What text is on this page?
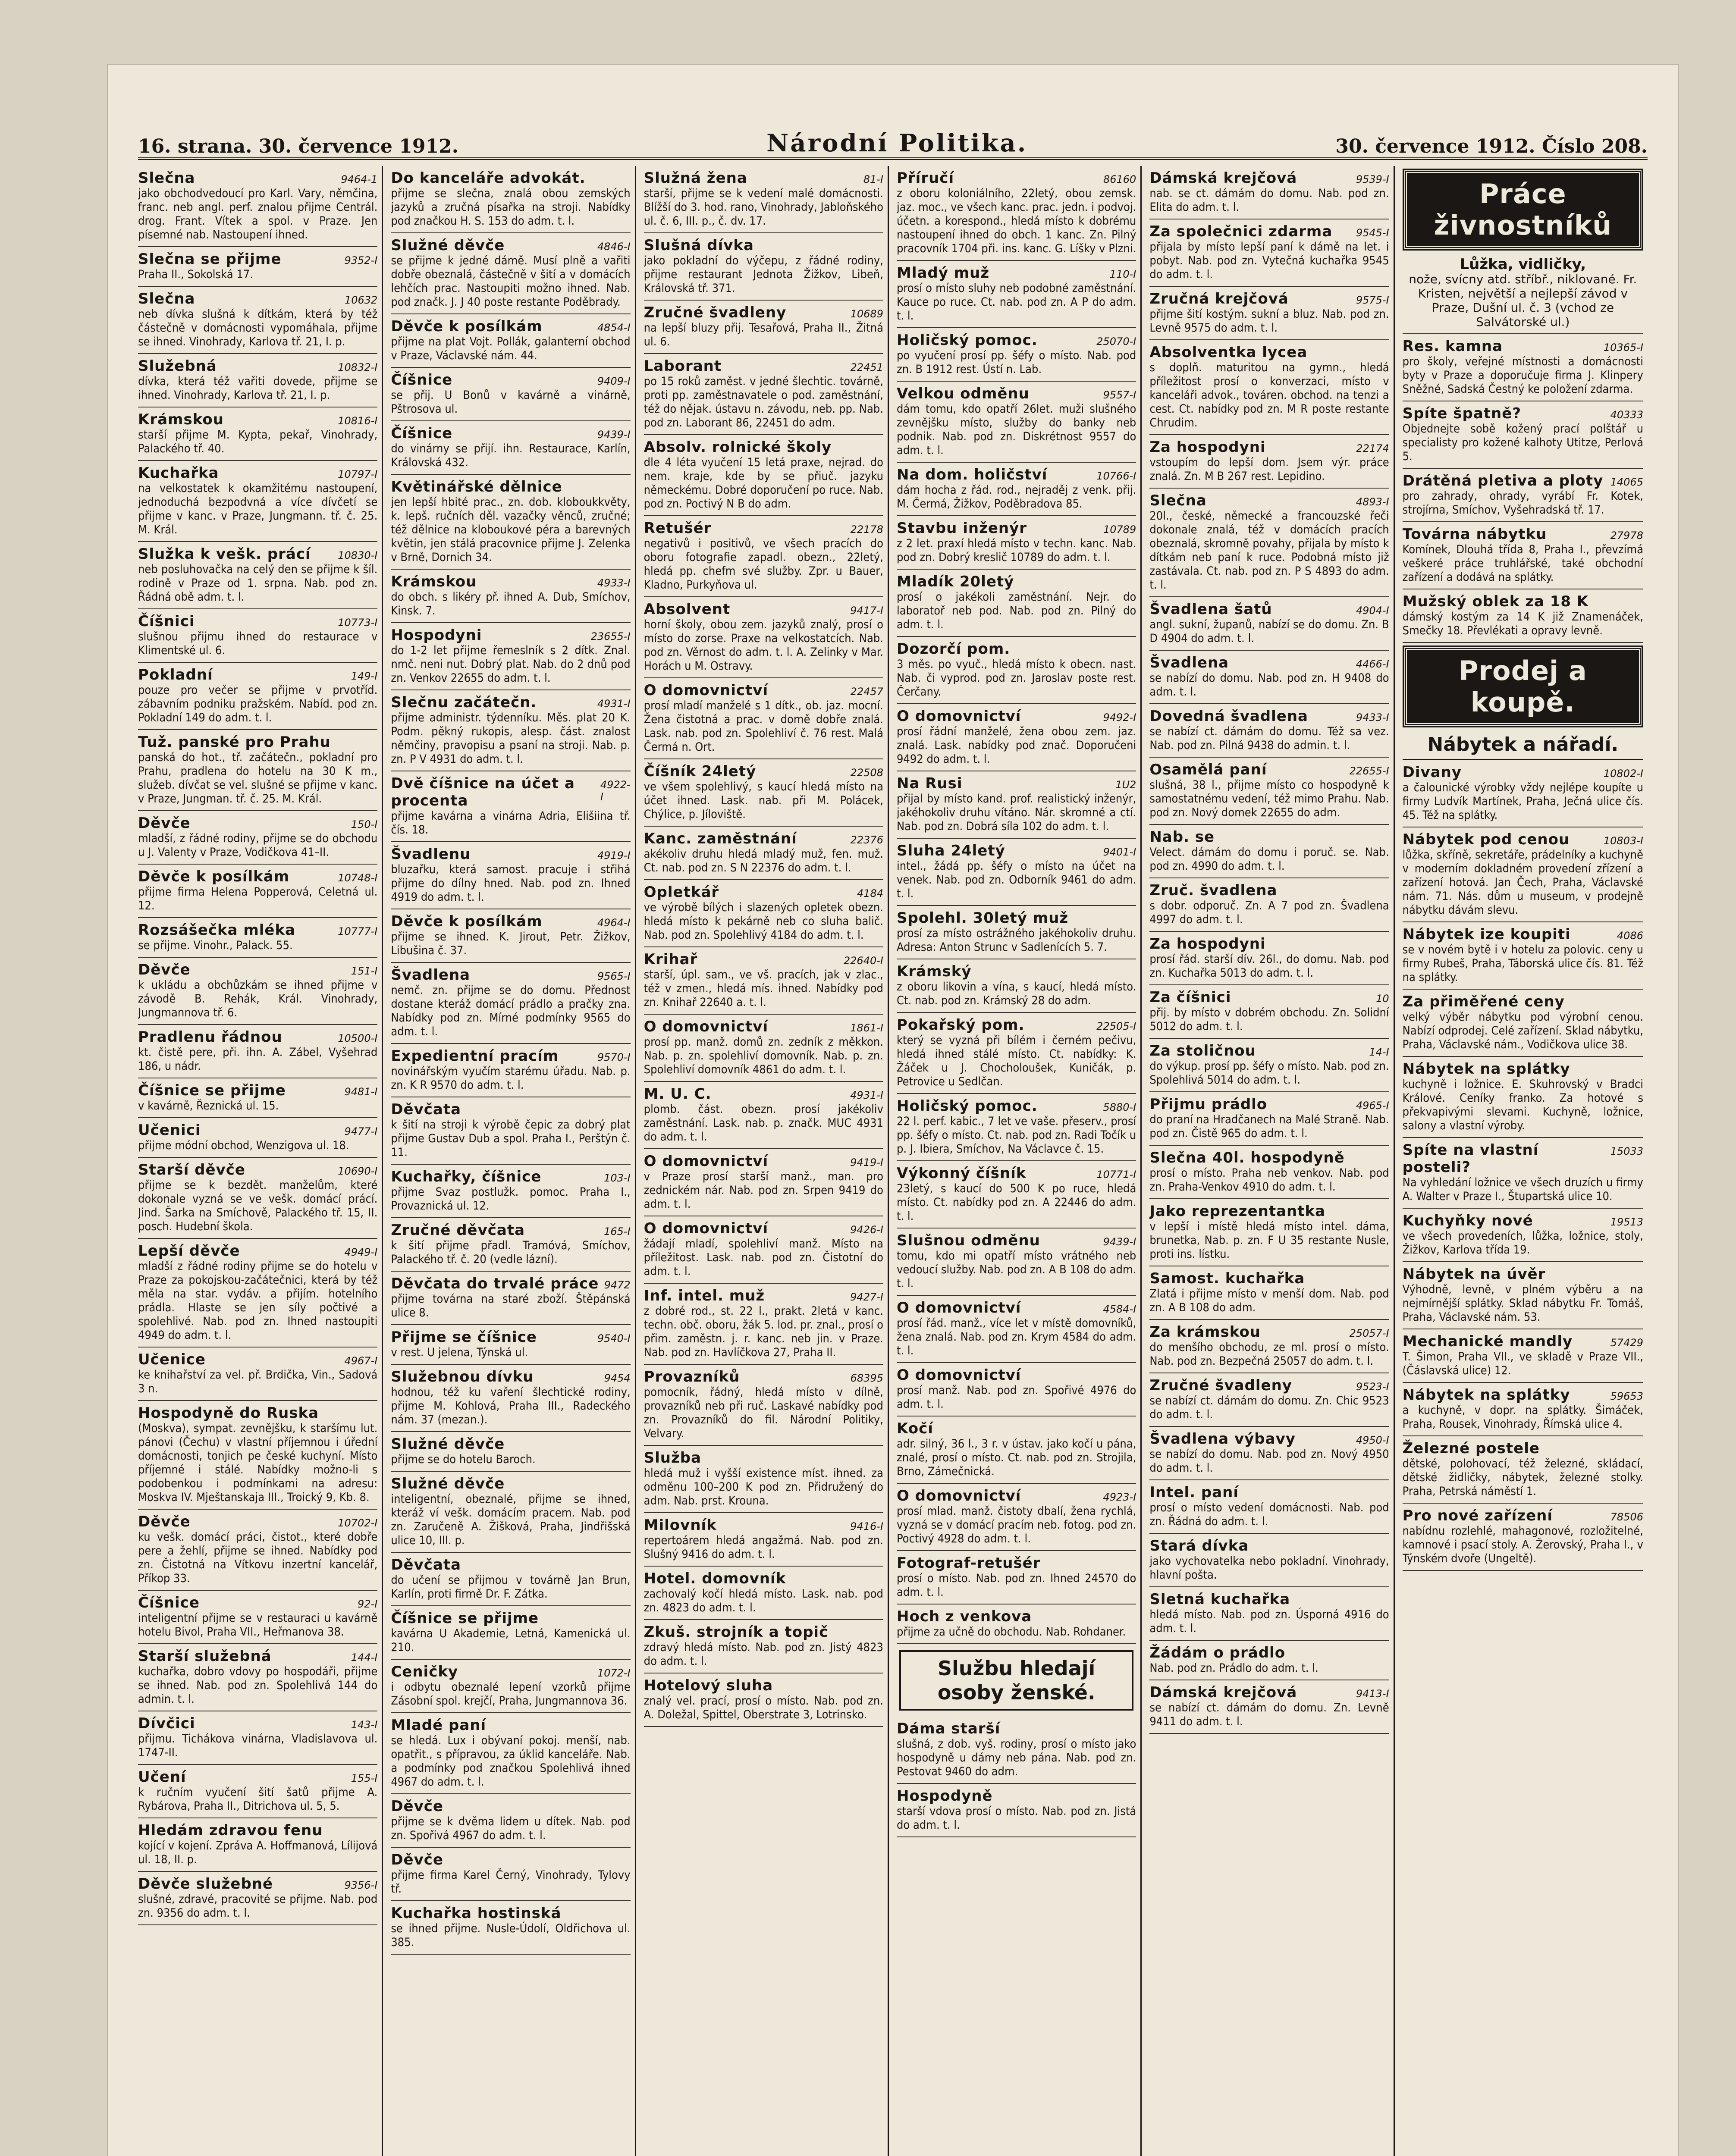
16. strana. 30. července 1912.	Národní Politika.	30. července 1912. Číslo 208.
Slečna	9464-1
jako obchodvedoucí pro Karl. Vary, němčina, franc. neb angl. perf. znalou přijme Centrál. drog. Frant. Vítek a spol. v Praze. Jen písemné nab. Nastoupení ihned.
Slečna se přijme	9352-I
Praha II., Sokolská 17.
Slečna	10632
neb dívka slušná k dítkám, která by též částečně v domácnosti vypomáhala, přijme se ihned. Vinohrady, Karlova tř. 21, I. p.
Služebná	10832-I
dívka, která též vařiti dovede, přijme se ihned. Vinohrady, Karlova tř. 21, I. p.
Krámskou	10816-I
starší přijme M. Kypta, pekař, Vinohrady, Palackého tř. 40.
Kuchařka	10797-I
na velkostatek k okamžitému nastoupení, jednoduchá bezpodvná a více dívčetí se přijme v kanc. v Praze, Jungmann. tř. č. 25. M. Král.
Služka k vešk. prácí	10830-I
neb posluhovačka na celý den se přijme k šíl. rodině v Praze od 1. srpna. Nab. pod zn. Řádná obě adm. t. l.
Číšnici	10773-I
slušnou přijmu ihned do restaurace v Klimentské ul. 6.
Pokladní	149-I
pouze pro večer se přijme v prvotříd. zábavním podniku pražském. Nabíd. pod zn. Pokladní 149 do adm. t. l.
Tuž. panské pro Prahu
panská do hot., tř. začátečn., pokladní pro Prahu, pradlena do hotelu na 30 K m., služeb. dívčat se vel. slušné se přijme v kanc. v Praze, Jungman. tř. č. 25. M. Král.
Děvče	150-I
mladší, z řádné rodiny, přijme se do obchodu u J. Valenty v Praze, Vodičkova 41–II.
Děvče k posílkám	10748-I
přijme firma Helena Popperová, Celetná ul. 12.
Rozsášečka mléka	10777-I
se přijme. Vinohr., Palack. 55.
Děvče	151-I
k ukládu a obchůzkám se ihned přijme v závodě B. Rehák, Král. Vinohrady, Jungmannova tř. 6.
Pradlenu řádnou	10500-I
kt. čistě pere, při. ihn. A. Zábel, Vyšehrad 186, u nádr.
Číšnice se přijme	9481-I
v kavárně, Řeznická ul. 15.
Učenici	9477-I
přijme módní obchod, Wenzigova ul. 18.
Starší děvče	10690-I
přijme se k bezdět. manželům, které dokonale vyzná se ve vešk. domácí prácí. Jind. Šarka na Smíchově, Palackého tř. 15, II. posch. Hudební škola.
Lepší děvče	4949-I
mladší z řádné rodiny přijme se do hotelu v Praze za pokojskou-začátečnici, která by též měla na star. vydáv. a přijím. hotelního prádla. Hlaste se jen síly počtivé a spolehlivé. Nab. pod zn. Ihned nastoupiti 4949 do adm. t. l.
Učenice	4967-I
ke knihařství za vel. př. Brdička, Vin., Sadová 3 n.
Hospodyně do Ruska
(Moskva), sympat. zevnějšku, k staršímu lut. pánovi (Čechu) v vlastní příjemnou i úřední domácnosti, tonjich pe české kuchyní. Místo příjemné i stálé. Nabídky možno-li s podobenkou i podmínkami na adresu: Moskva IV. Mještanskaja III., Troický 9, Kb. 8.
Děvče	10702-I
ku vešk. domácí práci, čistot., které dobře pere a žehlí, přijme se ihned. Nabídky pod zn. Čistotná na Vítkovu inzertní kancelář, Příkop 33.
Číšnice	92-I
inteligentní přijme se v restauraci u kavárně hotelu Bivol, Praha VII., Heřmanova 38.
Starší služebná	144-I
kuchařka, dobro vdovy po hospodáři, přijme se ihned. Nab. pod zn. Spolehlivá 144 do admin. t. l.
Dívčici	143-I
přijmu. Tichákova vinárna, Vladislavova ul. 1747-II.
Učení	155-I
k ručním vyučení šití šatů přijme A. Rybárova, Praha II., Ditrichova ul. 5, 5.
Hledám zdravou fenu
kojící v kojení. Zpráva A. Hoffmanová, Lílijová ul. 18, II. p.
Děvče služebné	9356-I
slušné, zdravé, pracovité se přijme. Nab. pod zn. 9356 do adm. t. l.
Do kanceláře advokát.
přijme se slečna, znalá obou zemských jazyků a zručná písařka na stroji. Nabídky pod značkou H. S. 153 do adm. t. l.
Služné děvče	4846-I
se přijme k jedné dámě. Musí plně a vařiti dobře obeznalá, částečně v šití a v domácích lehčích prac. Nastoupiti možno ihned. Nab. pod značk. J. J 40 poste restante Poděbrady.
Děvče k posílkám	4854-I
přijme na plat Vojt. Pollák, galanterní obchod v Praze, Václavské nám. 44.
Číšnice	9409-I
se přij. U Bonů v kavárně a vinárně, Pštrosova ul.
Číšnice	9439-I
do vinárny se přijí. ihn. Restaurace, Karlín, Královská 432.
Květinářské dělnice
jen lepší hbité prac., zn. dob. kloboukkvěty, k. lepš. ručních děl. vazačky věnců, zručné; též dělnice na kloboukové péra a barevných květin, jen stálá pracovnice přijme J. Zelenka v Brně, Dornich 34.
Krámskou	4933-I
do obch. s likéry př. ihned A. Dub, Smíchov, Kinsk. 7.
Hospodyni	23655-I
do 1-2 let přijme řemeslník s 2 dítk. Znal. nmč. neni nut. Dobrý plat. Nab. do 2 dnů pod zn. Venkov 22655 do adm. t. l.
Slečnu začátečn.	4931-I
přijme administr. týdenníku. Měs. plat 20 K. Podm. pěkný rukopis, alesp. část. znalost němčiny, pravopisu a psaní na stroji. Nab. p. zn. P V 4931 do adm. t. l.
Dvě číšnice na účet a procenta
4922-I
přijme kavárna a vinárna Adria, Elišiina tř. čís. 18.
Švadlenu	4919-I
bluzařku, která samost. pracuje i střihá přijme do dílny hned. Nab. pod zn. Ihned 4919 do adm. t. l.
Děvče k posílkám	4964-I
přijme se ihned. K. Jirout, Petr. Žižkov, Libušina č. 37.
Švadlena	9565-I
nemč. zn. přijme se do domu. Přednost dostane kteráž domácí prádlo a pračky zna. Nabídky pod zn. Mírné podmínky 9565 do adm. t. l.
Expedientní pracím	9570-I
novinářským vyučím starému úřadu. Nab. p. zn. K R 9570 do adm. t. l.
Děvčata
k šití na stroji k výrobě čepic za dobrý plat přijme Gustav Dub a spol. Praha I., Perštýn č. 11.
Kuchařky, číšnice	103-I
přijme Svaz postlužk. pomoc. Praha I., Provaznická ul. 12.
Zručné děvčata	165-I
k šití přijme přadl. Tramóvá, Smíchov, Palackého tř. č. 20 (vedle lázní).
Děvčata do trvalé práce 9472
přijme továrna na staré zboží. Štěpánská ulice 8.
Přijme se číšnice	9540-I
v rest. U jelena, Týnská ul.
Služebnou dívku	9454
hodnou, též ku vaření šlechtické rodiny, přijme M. Kohlová, Praha III., Radeckého nám. 37 (mezan.).
Služné děvče
přijme se do hotelu Baroch.
Služné děvče
inteligentní, obeznalé, přijme se ihned, kteráž ví vešk. domácím pracem. Nab. pod zn. Zaručeně A. Žišková, Praha, Jindřišská ulice 10, III. p.
Děvčata
do učení se přijmou v továrně Jan Brun, Karlín, proti firmě Dr. F. Zátka.
Číšnice se přijme
kavárna U Akademie, Letná, Kamenická ul. 210.
Ceničky	1072-I
i odbytu obeznalé lepení vzorků přijme Zásobní spol. krejčí, Praha, Jungmannova 36.
Mladé paní
se hledá. Lux i obývaní pokoj. menší, nab. opatřit., s přípravou, za úklid kanceláře. Nab. a podmínky pod značkou Spolehlivá ihned 4967 do adm. t. l.
Děvče
přijme se k dvěma lidem u dítek. Nab. pod zn. Spořivá 4967 do adm. t. l.
Děvče
přijme firma Karel Černý, Vinohrady, Tylovy tř.
Kuchařka hostinská
se ihned přijme. Nusle-Údolí, Oldřichova ul. 385.
Služná žena	81-I
starší, přijme se k vedení malé domácnosti. Blížší do 3. hod. rano, Vinohrady, Jabloňského ul. č. 6, III. p., č. dv. 17.
Slušná dívka
jako pokladní do výčepu, z řádné rodiny, přijme restaurant Jednota Žižkov, Libeň, Královská tř. 371.
Zručné švadleny	10689
na lepší bluzy přij. Tesařová, Praha II., Žitná ul. 6.
Laborant	22451
po 15 roků zaměst. v jedné šlechtic. továrně, proti pp. zaměstnavatele o pod. zaměstnání, též do nějak. ústavu n. závodu, neb. pp. Nab. pod zn. Laborant 86, 22451 do adm.
Absolv. rolnické školy
dle 4 léta vyučení 15 letá praxe, nejrad. do nem. kraje, kde by se přiuč. jazyku německému. Dobré doporučení po ruce. Nab. pod zn. Poctivý N B do adm.
Retušér	22178
negativů i positivů, ve všech pracích do oboru fotografie zapadl. obezn., 22letý, hledá pp. chefm své služby. Zpr. u Bauer, Kladno, Purkyňova ul.
Absolvent	9417-I
horní školy, obou zem. jazyků znalý, prosí o místo do zorse. Praxe na velkostatcích. Nab. pod zn. Věrnost do adm. t. l. A. Zelinky v Mar. Horách u M. Ostravy.
O domovnictví	22457
prosí mladí manželé s 1 dítk., ob. jaz. mocní. Žena čistotná a prac. v domě dobře znalá. Lask. nab. pod zn. Spolehliví č. 76 rest. Malá Čermá n. Ort.
Číšník 24letý	22508
ve všem spolehlivý, s kaucí hledá místo na účet ihned. Lask. nab. při M. Polácek, Chýlice, p. Jíloviště.
Kanc. zaměstnání	22376
akékoliv druhu hledá mladý muž, fen. muž. Ct. nab. pod zn. S N 22376 do adm. t. l.
Opletkář	4184
ve výrobě bílých i slazených opletek obezn. hledá místo k pekárně neb co sluha balič. Nab. pod zn. Spolehlivý 4184 do adm. t. l.
Krihař	22640-I
starší, úpl. sam., ve vš. pracích, jak v zlac., též v zmen., hledá mís. ihned. Nabídky pod zn. Knihař 22640 a. t. l.
O domovnictví	1861-I
prosí pp. manž. domů zn. zedník z měkkon. Nab. p. zn. spolehliví domovník. Nab. p. zn. Spolehliví domovník 4861 do adm. t. l.
M. U. C.	4931-I
plomb. část. obezn. prosí jakékoliv zaměstnání. Lask. nab. p. značk. MUC 4931 do adm. t. l.
O domovnictví	9419-I
v Praze prosí starší manž., man. pro zednickém nár. Nab. pod zn. Srpen 9419 do adm. t. l.
O domovnictví	9426-I
žádají mladí, spolehliví manž. Místo na příležitost. Lask. nab. pod zn. Čistotní do adm. t. l.
Inf. intel. muž	9427-I
z dobré rod., st. 22 l., prakt. 2letá v kanc. techn. obč. oboru, žák 5. lod. pr. znal., prosí o přim. zaměstn. j. r. kanc. neb jin. v Praze. Nab. pod zn. Havlíčkova 27, Praha II.
Provazníků	68395
pomocník, řádný, hledá místo v dílně, provazníků neb při ruč. Laskavé nabídky pod zn. Provazníků do fil. Národní Politiky, Velvary.
Služba
hledá muž i vyšší existence míst. ihned. za odměnu 100–200 K pod zn. Přidružený do adm. Nab. prst. Krouna.
Milovník	9416-I
repertoárem hledá angažmá. Nab. pod zn. Slušný 9416 do adm. t. l.
Hotel. domovník
zachovalý kočí hledá místo. Lask. nab. pod zn. 4823 do adm. t. l.
Zkuš. strojník a topič
zdravý hledá místo. Nab. pod zn. Jistý 4823 do adm. t. l.
Hotelový sluha
znalý vel. prací, prosí o místo. Nab. pod zn. A. Doležal, Spittel, Oberstrate 3, Lotrinsko.
Příručí	86160
z oboru koloniálního, 22letý, obou zemsk. jaz. moc., ve všech kanc. prac. jedn. i podvoj. účetn. a korespond., hledá místo k dobrému nastoupení ihned do obch. 1 kanc. Zn. Pilný pracovník 1704 při. ins. kanc. G. Líšky v Plzni.
Mladý muž	110-I
prosí o místo sluhy neb podobné zaměstnání. Kauce po ruce. Ct. nab. pod zn. A P do adm. t. l.
Holičský pomoc.	25070-I
po vyučení prosí pp. šéfy o místo. Nab. pod zn. B 1912 rest. Ústí n. Lab.
Velkou odměnu	9557-I
dám tomu, kdo opatří 26let. muži slušného zevnějšku místo, služby do banky neb podnik. Nab. pod zn. Diskrétnost 9557 do adm. t. l.
Na dom. holičství	10766-I
dám hocha z řád. rod., nejraděj z venk. přij. M. Čermá, Žižkov, Poděbradova 85.
Stavbu inženýr	10789
z 2 let. praxí hledá místo v techn. kanc. Nab. pod zn. Dobrý kreslič 10789 do adm. t. l.
Mladík 20letý
prosí o jakékoli zaměstnání. Nejr. do laboratoř neb pod. Nab. pod zn. Pilný do adm. t. l.
Dozorčí pom.
3 měs. po vyuč., hledá místo k obecn. nast. Nab. či vyprod. pod zn. Jaroslav poste rest. Čerčany.
O domovnictví	9492-I
prosí řádní manželé, žena obou zem. jaz. znalá. Lask. nabídky pod znač. Doporučeni 9492 do adm. t. l.
Na Rusi	1U2
přijal by místo kand. prof. realistický inženýr, jakéhokoliv druhu vítáno. Nár. skromné a ctí. Nab. pod zn. Dobrá síla 102 do adm. t. l.
Sluha 24letý	9401-I
intel., žádá pp. šéfy o místo na účet na venek. Nab. pod zn. Odborník 9461 do adm. t. l.
Spolehl. 30letý muž
prosí za místo ostrážného jakéhokoliv druhu. Adresa: Anton Strunc v Sadlenících 5. 7.
Krámský
z oboru likovin a vína, s kaucí, hledá místo. Ct. nab. pod zn. Krámský 28 do adm.
Pokařský pom.	22505-I
který se vyzná při bílém i černém pečivu, hledá ihned stálé místo. Ct. nabídky: K. Žáček u J. Chocholoušek, Kuničák, p. Petrovice u Sedlčan.
Holičský pomoc.	5880-I
22 l. perf. kabic., 7 let ve vaše. přeserv., prosí pp. šéfy o místo. Ct. nab. pod zn. Radi Točík u p. J. Ibiera, Smíchov, Na Václavce č. 15.
Výkonný číšník	10771-I
23letý, s kaucí do 500 K po ruce, hledá místo. Ct. nabídky pod zn. A 22446 do adm. t. l.
Slušnou odměnu	9439-I
tomu, kdo mi opatří místo vrátného neb vedoucí služby. Nab. pod zn. A B 108 do adm. t. l.
O domovnictví	4584-I
prosí řád. manž., více let v místě domovníků, žena znalá. Nab. pod zn. Krym 4584 do adm. t. l.
O domovnictví
prosí manž. Nab. pod zn. Spořivé 4976 do adm. t. l.
Kočí
adr. silný, 36 l., 3 r. v ústav. jako kočí u pána, znalé, prosí o místo. Ct. nab. pod zn. Strojila, Brno, Zámečnická.
O domovnictví	4923-I
prosí mlad. manž. čistoty dbalí, žena rychlá, vyzná se v domácí pracím neb. fotog. pod zn. Poctivý 4928 do adm. t. l.
Fotograf-retušér
prosí o místo. Nab. pod zn. Ihned 24570 do adm. t. l.
Hoch z venkova
přijme za učně do obchodu. Nab. Rohdaner.
Službu hledají osoby ženské.
Dáma starší
slušná, z dob. vyš. rodiny, prosí o místo jako hospodyně u dámy neb pána. Nab. pod zn. Pestovat 9460 do adm.
Hospodyně
starší vdova prosí o místo. Nab. pod zn. Jistá do adm. t. l.
Dámská krejčová	9539-I
nab. se ct. dámám do domu. Nab. pod zn. Elita do adm. t. l.
Za společnici zdarma 9545-I
přijala by místo lepší paní k dámě na let. i pobyt. Nab. pod zn. Vytečná kuchařka 9545 do adm. t. l.
Zručná krejčová	9575-I
přijme šití kostým. sukní a bluz. Nab. pod zn. Levně 9575 do adm. t. l.
Absolventka lycea
s doplň. maturitou na gymn., hledá příležitost prosí o konverzaci, místo v kanceláři advok., továren. obchod. na tenzi a cest. Ct. nabídky pod zn. M R poste restante Chrudim.
Za hospodyni	22174
vstoupím do lepší dom. Jsem výr. práce znalá. Zn. M B 267 rest. Lepidino.
Slečna	4893-I
20l., české, německé a francouzské řeči dokonale znalá, též v domácích pracích obeznalá, skromně povahy, přijala by místo k dítkám neb paní k ruce. Podobná místo již zastávala. Ct. nab. pod zn. P S 4893 do adm. t. l.
Švadlena šatů	4904-I
angl. sukní, županů, nabízí se do domu. Zn. B D 4904 do adm. t. l.
Švadlena	4466-I
se nabízí do domu. Nab. pod zn. H 9408 do adm. t. l.
Dovedná švadlena	9433-I
se nabízí ct. dámám do domu. Též sa vez. Nab. pod zn. Pilná 9438 do admin. t. l.
Osamělá paní	22655-I
slušná, 38 l., přijme místo co hospodyně k samostatnému vedení, též mimo Prahu. Nab. pod zn. Nový domek 22655 do adm.
Nab. se
Velect. dámám do domu i poruč. se. Nab. pod zn. 4990 do adm. t. l.
Zruč. švadlena
s dobr. odporuč. Zn. A 7 pod zn. Švadlena 4997 do adm. t. l.
Za hospodyni
prosí řád. starší dív. 26l., do domu. Nab. pod zn. Kuchařka 5013 do adm. t. l.
Za číšnici	10
přij. by místo v dobrém obchodu. Zn. Solidní 5012 do adm. t. l.
Za stoličnou	14-I
do výkup. prosí pp. šéfy o místo. Nab. pod zn. Spolehlivá 5014 do adm. t. l.
Přijmu prádlo	4965-I
do praní na Hradčanech na Malé Straně. Nab. pod zn. Čistě 965 do adm. t. l.
Slečna 40l. hospodyně
prosí o místo. Praha neb venkov. Nab. pod zn. Praha-Venkov 4910 do adm. t. l.
Jako reprezentantka
v lepší i místě hledá místo intel. dáma, brunetka, Nab. p. zn. F U 35 restante Nusle, proti ins. lístku.
Samost. kuchařka
Zlatá i přijme místo v menší dom. Nab. pod zn. A B 108 do adm.
Za krámskou	25057-I
do menšího obchodu, ze ml. prosí o místo. Nab. pod zn. Bezpečná 25057 do adm. t. l.
Zručné švadleny	9523-I
se nabízí ct. dámám do domu. Zn. Chic 9523 do adm. t. l.
Švadlena výbavy	4950-I
se nabízí do domu. Nab. pod zn. Nový 4950 do adm. t. l.
Intel. paní
prosí o místo vedení domácnosti. Nab. pod zn. Řádná do adm. t. l.
Stará dívka
jako vychovatelka nebo pokladní. Vinohrady, hlavní pošta.
Sletná kuchařka
hledá místo. Nab. pod zn. Úsporná 4916 do adm. t. l.
Žádám o prádlo
Nab. pod zn. Prádlo do adm. t. l.
Dámská krejčová	9413-I
se nabízí ct. dámám do domu. Zn. Levně 9411 do adm. t. l.
Práce živnostníků
Lůžka, vidličky,
nože, svícny atd. stříbř., niklované. Fr. Kristen, největší a nejlepší závod v Praze, Dušní ul. č. 3 (vchod ze Salvátorské ul.)
Res. kamna	10365-I
pro školy, veřejné místnosti a domácnosti byty v Praze a doporučuje firma J. Klinpery Sněžné, Sadská Čestný ke položení zdarma.
Spíte špatně?	40333
Objednejte sobě kožený prací polštář u specialisty pro kožené kalhoty Utitze, Perlová 5.
Drátěná pletiva a ploty 14065
pro zahrady, ohrady, vyrábí Fr. Kotek, strojírna, Smíchov, Vyšehradská tř. 17.
Továrna nábytku	27978
Komínek, Dlouhá třída 8, Praha I., převzímá veškeré práce truhlářské, také obchodní zařízení a dodává na splátky.
Mužský oblek za 18 K
dámský kostým za 14 K již Znamenáček, Smečky 18. Převlékati a opravy levně.
Prodej a koupě.
Nábytek a nářadí.
Divany	10802-I
a čalounické výrobky vždy nejlépe koupíte u firmy Ludvík Martínek, Praha, Ječná ulice čís. 45. Též na splátky.
Nábytek pod cenou	10803-I
lůžka, skříně, sekretáře, prádelníky a kuchyně v moderním dokladném provedení zřízení a zařízení hotová. Jan Čech, Praha, Václavské nám. 71. Nás. dům u museum, v prodejně nábytku dávám slevu.
Nábytek ize koupiti	4086
se v novém bytě i v hotelu za polovic. ceny u firmy Rubeš, Praha, Táborská ulice čís. 81. Též na splátky.
Za přiměřené ceny
velký výběr nábytku pod výrobní cenou. Nabízí odprodej. Celé zařízení. Sklad nábytku, Praha, Václavské nám., Vodičkova ulice 38.
Nábytek na splátky
kuchyně i ložnice. E. Skuhrovský v Bradci Králové. Ceníky franko. Za hotové s překvapivými slevami. Kuchyně, ložnice, salony a vlastní výroby.
Spíte na vlastní posteli?
15033
Na vyhledání ložnice ve všech druzích u firmy A. Walter v Praze I., Štupartská ulice 10.
Kuchyňky nové	19513
ve všech provedeních, lůžka, ložnice, stoly, Žižkov, Karlova třída 19.
Nábytek na úvěr
Výhodně, levně, v plném výběru a na nejmírnější splátky. Sklad nábytku Fr. Tomáš, Praha, Václavské nám. 53.
Mechanické mandly	57429
T. Šimon, Praha VII., ve skladě v Praze VII., (Čáslavská ulice) 12.
Nábytek na splátky	59653
a kuchyně, v dopr. na splátky. Šimáček, Praha, Rousek, Vinohrady, Římská ulice 4.
Železné postele
dětské, polohovací, též železné, skládací, dětské židličky, nábytek, železné stolky. Praha, Petrská náměstí 1.
Pro nové zařízení	78506
nabídnu rozlehlé, mahagonové, rozložitelné, kamnové i psací stoly. A. Žerovský, Praha I., v Týnském dvoře (Ungeltě).
